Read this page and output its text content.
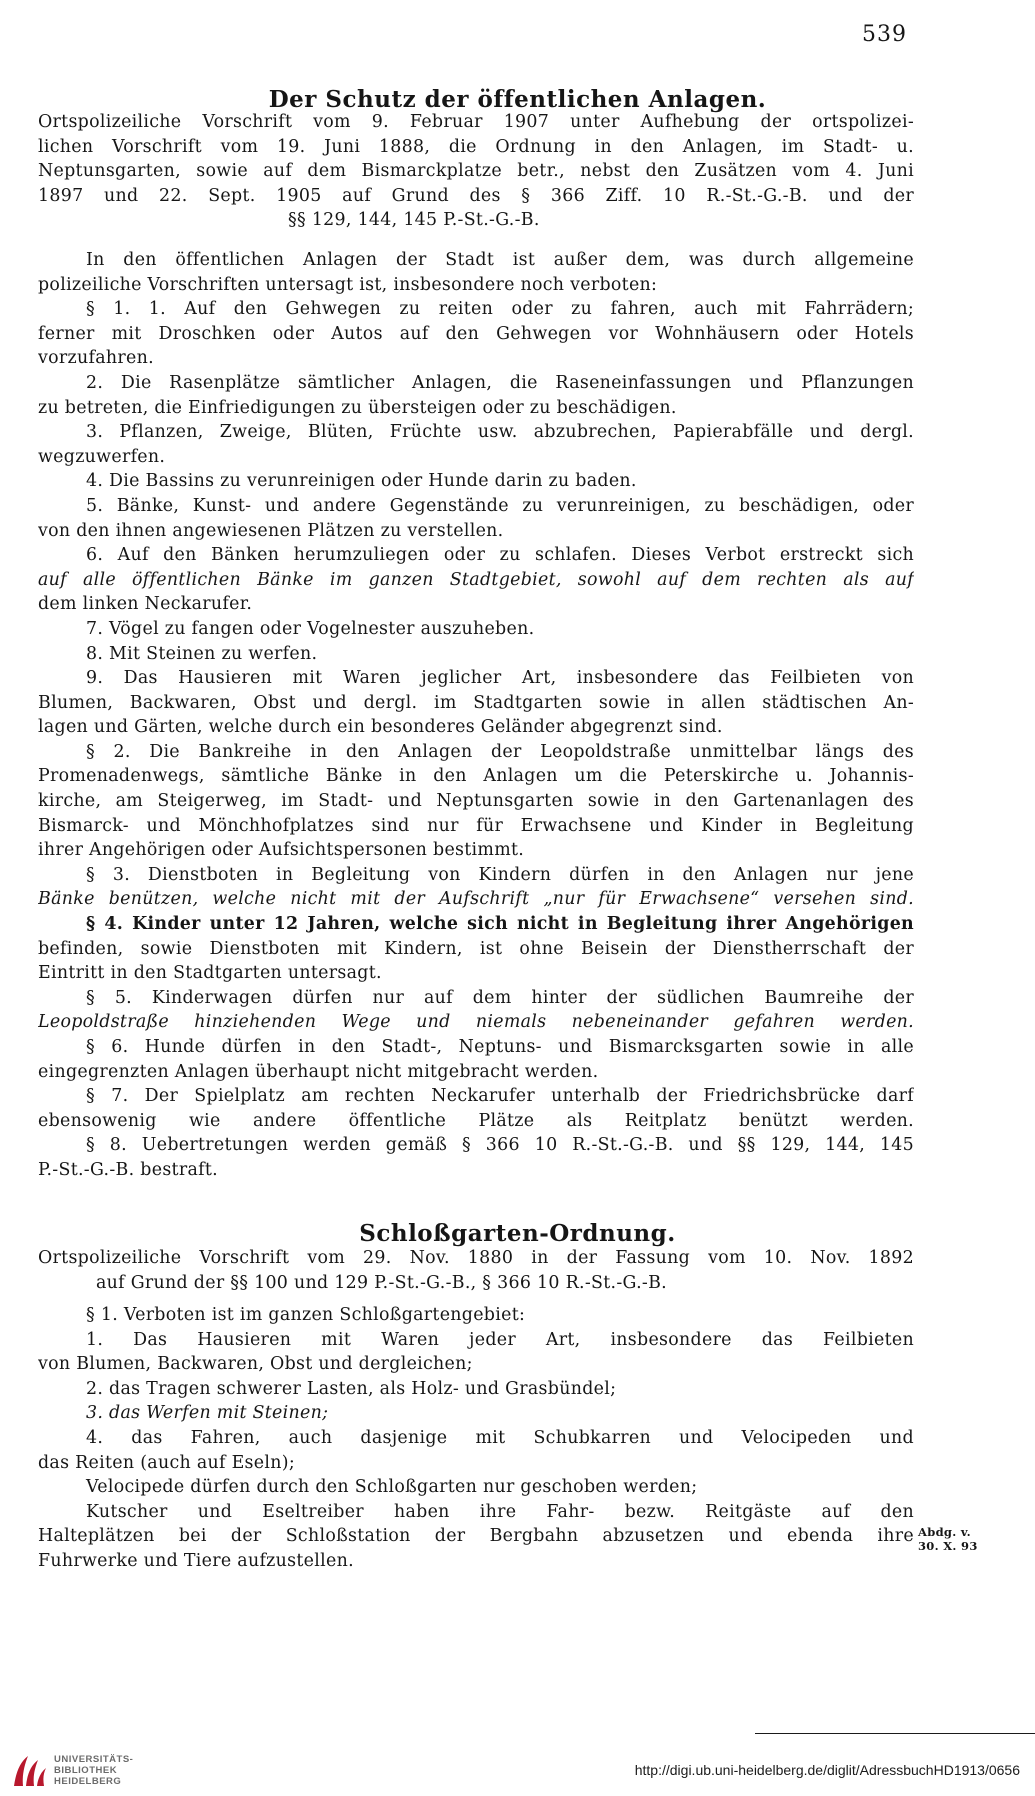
539
Der Schutz der öffentlichen Anlagen.
Ortspolizeiliche Vorschrift vom 9. Februar 1907 unter Aufhebung der ortspolizei-
lichen Vorschrift vom 19. Juni 1888, die Ordnung in den Anlagen, im Stadt- u.
Neptunsgarten, sowie auf dem Bismarckplatze betr., nebst den Zusätzen vom 4. Juni
1897 und 22. Sept. 1905 auf Grund des § 366 Ziff. 10 R.-St.-G.-B. und der
§§ 129, 144, 145 P.-St.-G.-B.
In den öffentlichen Anlagen der Stadt ist außer dem, was durch allgemeine
polizeiliche Vorschriften untersagt ist, insbesondere noch verboten:
§ 1. 1. Auf den Gehwegen zu reiten oder zu fahren, auch mit Fahrrädern;
ferner mit Droschken oder Autos auf den Gehwegen vor Wohnhäusern oder Hotels
vorzufahren.
2. Die Rasenplätze sämtlicher Anlagen, die Raseneinfassungen und Pflanzungen
zu betreten, die Einfriedigungen zu übersteigen oder zu beschädigen.
3. Pflanzen, Zweige, Blüten, Früchte usw. abzubrechen, Papierabfälle und dergl.
wegzuwerfen.
4. Die Bassins zu verunreinigen oder Hunde darin zu baden.
5. Bänke, Kunst- und andere Gegenstände zu verunreinigen, zu beschädigen, oder
von den ihnen angewiesenen Plätzen zu verstellen.
6. Auf den Bänken herumzuliegen oder zu schlafen. Dieses Verbot erstreckt sich
auf alle öffentlichen Bänke im ganzen Stadtgebiet, sowohl auf dem rechten als auf
dem linken Neckarufer.
7. Vögel zu fangen oder Vogelnester auszuheben.
8. Mit Steinen zu werfen.
9. Das Hausieren mit Waren jeglicher Art, insbesondere das Feilbieten von
Blumen, Backwaren, Obst und dergl. im Stadtgarten sowie in allen städtischen An-
lagen und Gärten, welche durch ein besonderes Geländer abgegrenzt sind.
§ 2. Die Bankreihe in den Anlagen der Leopoldstraße unmittelbar längs des
Promenadenwegs, sämtliche Bänke in den Anlagen um die Peterskirche u. Johannis-
kirche, am Steigerweg, im Stadt- und Neptunsgarten sowie in den Gartenanlagen des
Bismarck- und Mönchhofplatzes sind nur für Erwachsene und Kinder in Begleitung
ihrer Angehörigen oder Aufsichtspersonen bestimmt.
§ 3. Dienstboten in Begleitung von Kindern dürfen in den Anlagen nur jene
Bänke benützen, welche nicht mit der Aufschrift „nur für Erwachsene“ versehen sind.
§ 4. Kinder unter 12 Jahren, welche sich nicht in Begleitung ihrer Angehörigen
befinden, sowie Dienstboten mit Kindern, ist ohne Beisein der Dienstherrschaft der
Eintritt in den Stadtgarten untersagt.
§ 5. Kinderwagen dürfen nur auf dem hinter der südlichen Baumreihe der
Leopoldstraße hinziehenden Wege und niemals nebeneinander gefahren werden.
§ 6. Hunde dürfen in den Stadt-, Neptuns- und Bismarcksgarten sowie in alle
eingegrenzten Anlagen überhaupt nicht mitgebracht werden.
§ 7. Der Spielplatz am rechten Neckarufer unterhalb der Friedrichsbrücke darf
ebensowenig wie andere öffentliche Plätze als Reitplatz benützt werden.
§ 8. Uebertretungen werden gemäß § 366 10 R.-St.-G.-B. und §§ 129, 144, 145
P.-St.-G.-B. bestraft.
Schloßgarten-Ordnung.
Ortspolizeiliche Vorschrift vom 29. Nov. 1880 in der Fassung vom 10. Nov. 1892
auf Grund der §§ 100 und 129 P.-St.-G.-B., § 366 10 R.-St.-G.-B.
§ 1. Verboten ist im ganzen Schloßgartengebiet:
1. Das Hausieren mit Waren jeder Art, insbesondere das Feilbieten
von Blumen, Backwaren, Obst und dergleichen;
2. das Tragen schwerer Lasten, als Holz- und Grasbündel;
3. das Werfen mit Steinen;
4. das Fahren, auch dasjenige mit Schubkarren und Velocipeden und
das Reiten (auch auf Eseln);
Velocipede dürfen durch den Schloßgarten nur geschoben werden;
Kutscher und Eseltreiber haben ihre Fahr- bezw. Reitgäste auf den
Halteplätzen bei der Schloßstation der Bergbahn abzusetzen und ebenda ihre
Fuhrwerke und Tiere aufzustellen.
Abdg. v.
30. X. 93
UNIVERSITÄTS-
BIBLIOTHEK
HEIDELBERG
http://digi.ub.uni-heidelberg.de/diglit/AdressbuchHD1913/0656
